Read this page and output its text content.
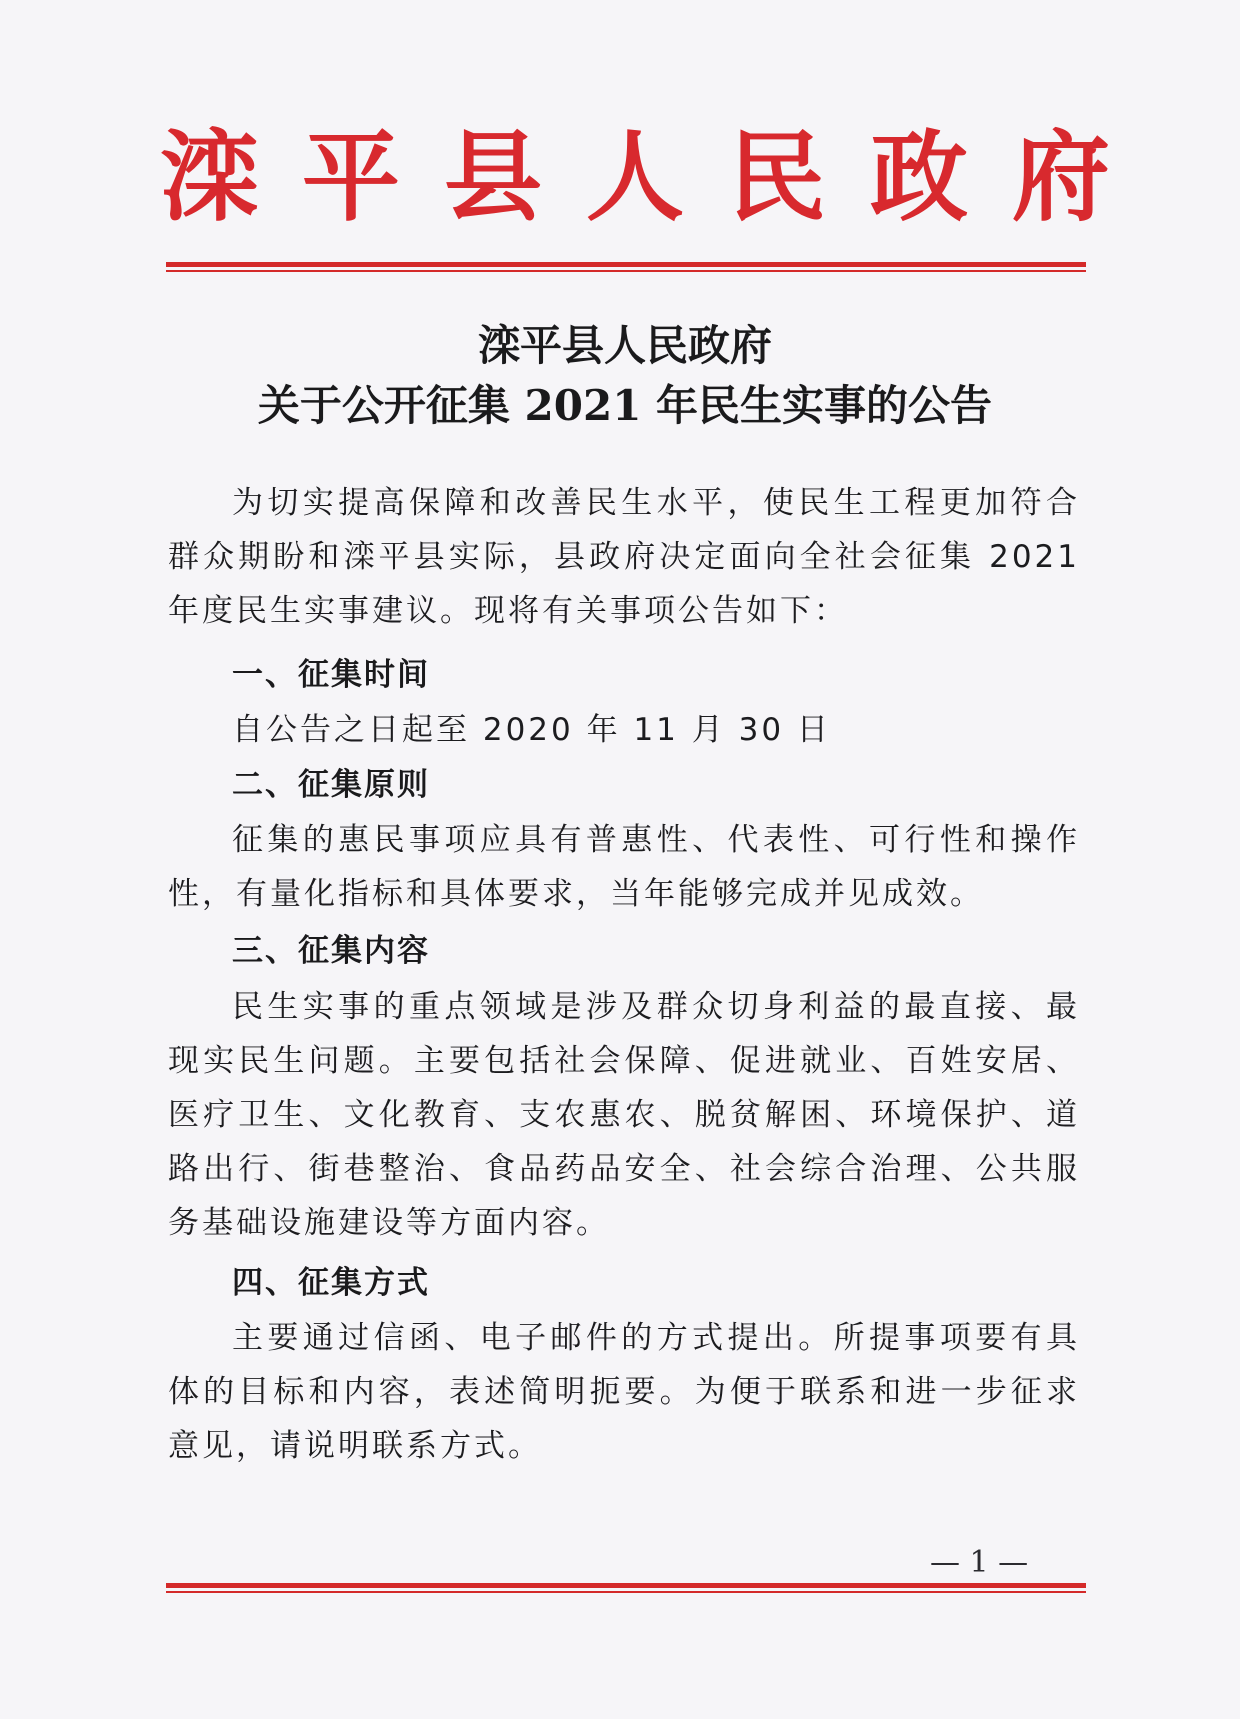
滦平县人民政府
滦平县人民政府
关于公开征集 2021 年民生实事的公告

为切实提高保障和改善民生水平，使民生工程更加符合群众期盼和滦平县实际，县政府决定面向全社会征集 2021 年度民生实事建议。现将有关事项公告如下：

一、征集时间

自公告之日起至 2020 年 11 月 30 日

二、征集原则

征集的惠民事项应具有普惠性、代表性、可行性和操作性，有量化指标和具体要求，当年能够完成并见成效。

三、征集内容

民生实事的重点领域是涉及群众切身利益的最直接、最现实民生问题。主要包括社会保障、促进就业、百姓安居、医疗卫生、文化教育、支农惠农、脱贫解困、环境保护、道路出行、街巷整治、食品药品安全、社会综合治理、公共服务基础设施建设等方面内容。

四、征集方式

主要通过信函、电子邮件的方式提出。所提事项要有具体的目标和内容，表述简明扼要。为便于联系和进一步征求意见，请说明联系方式。

— 1 —
